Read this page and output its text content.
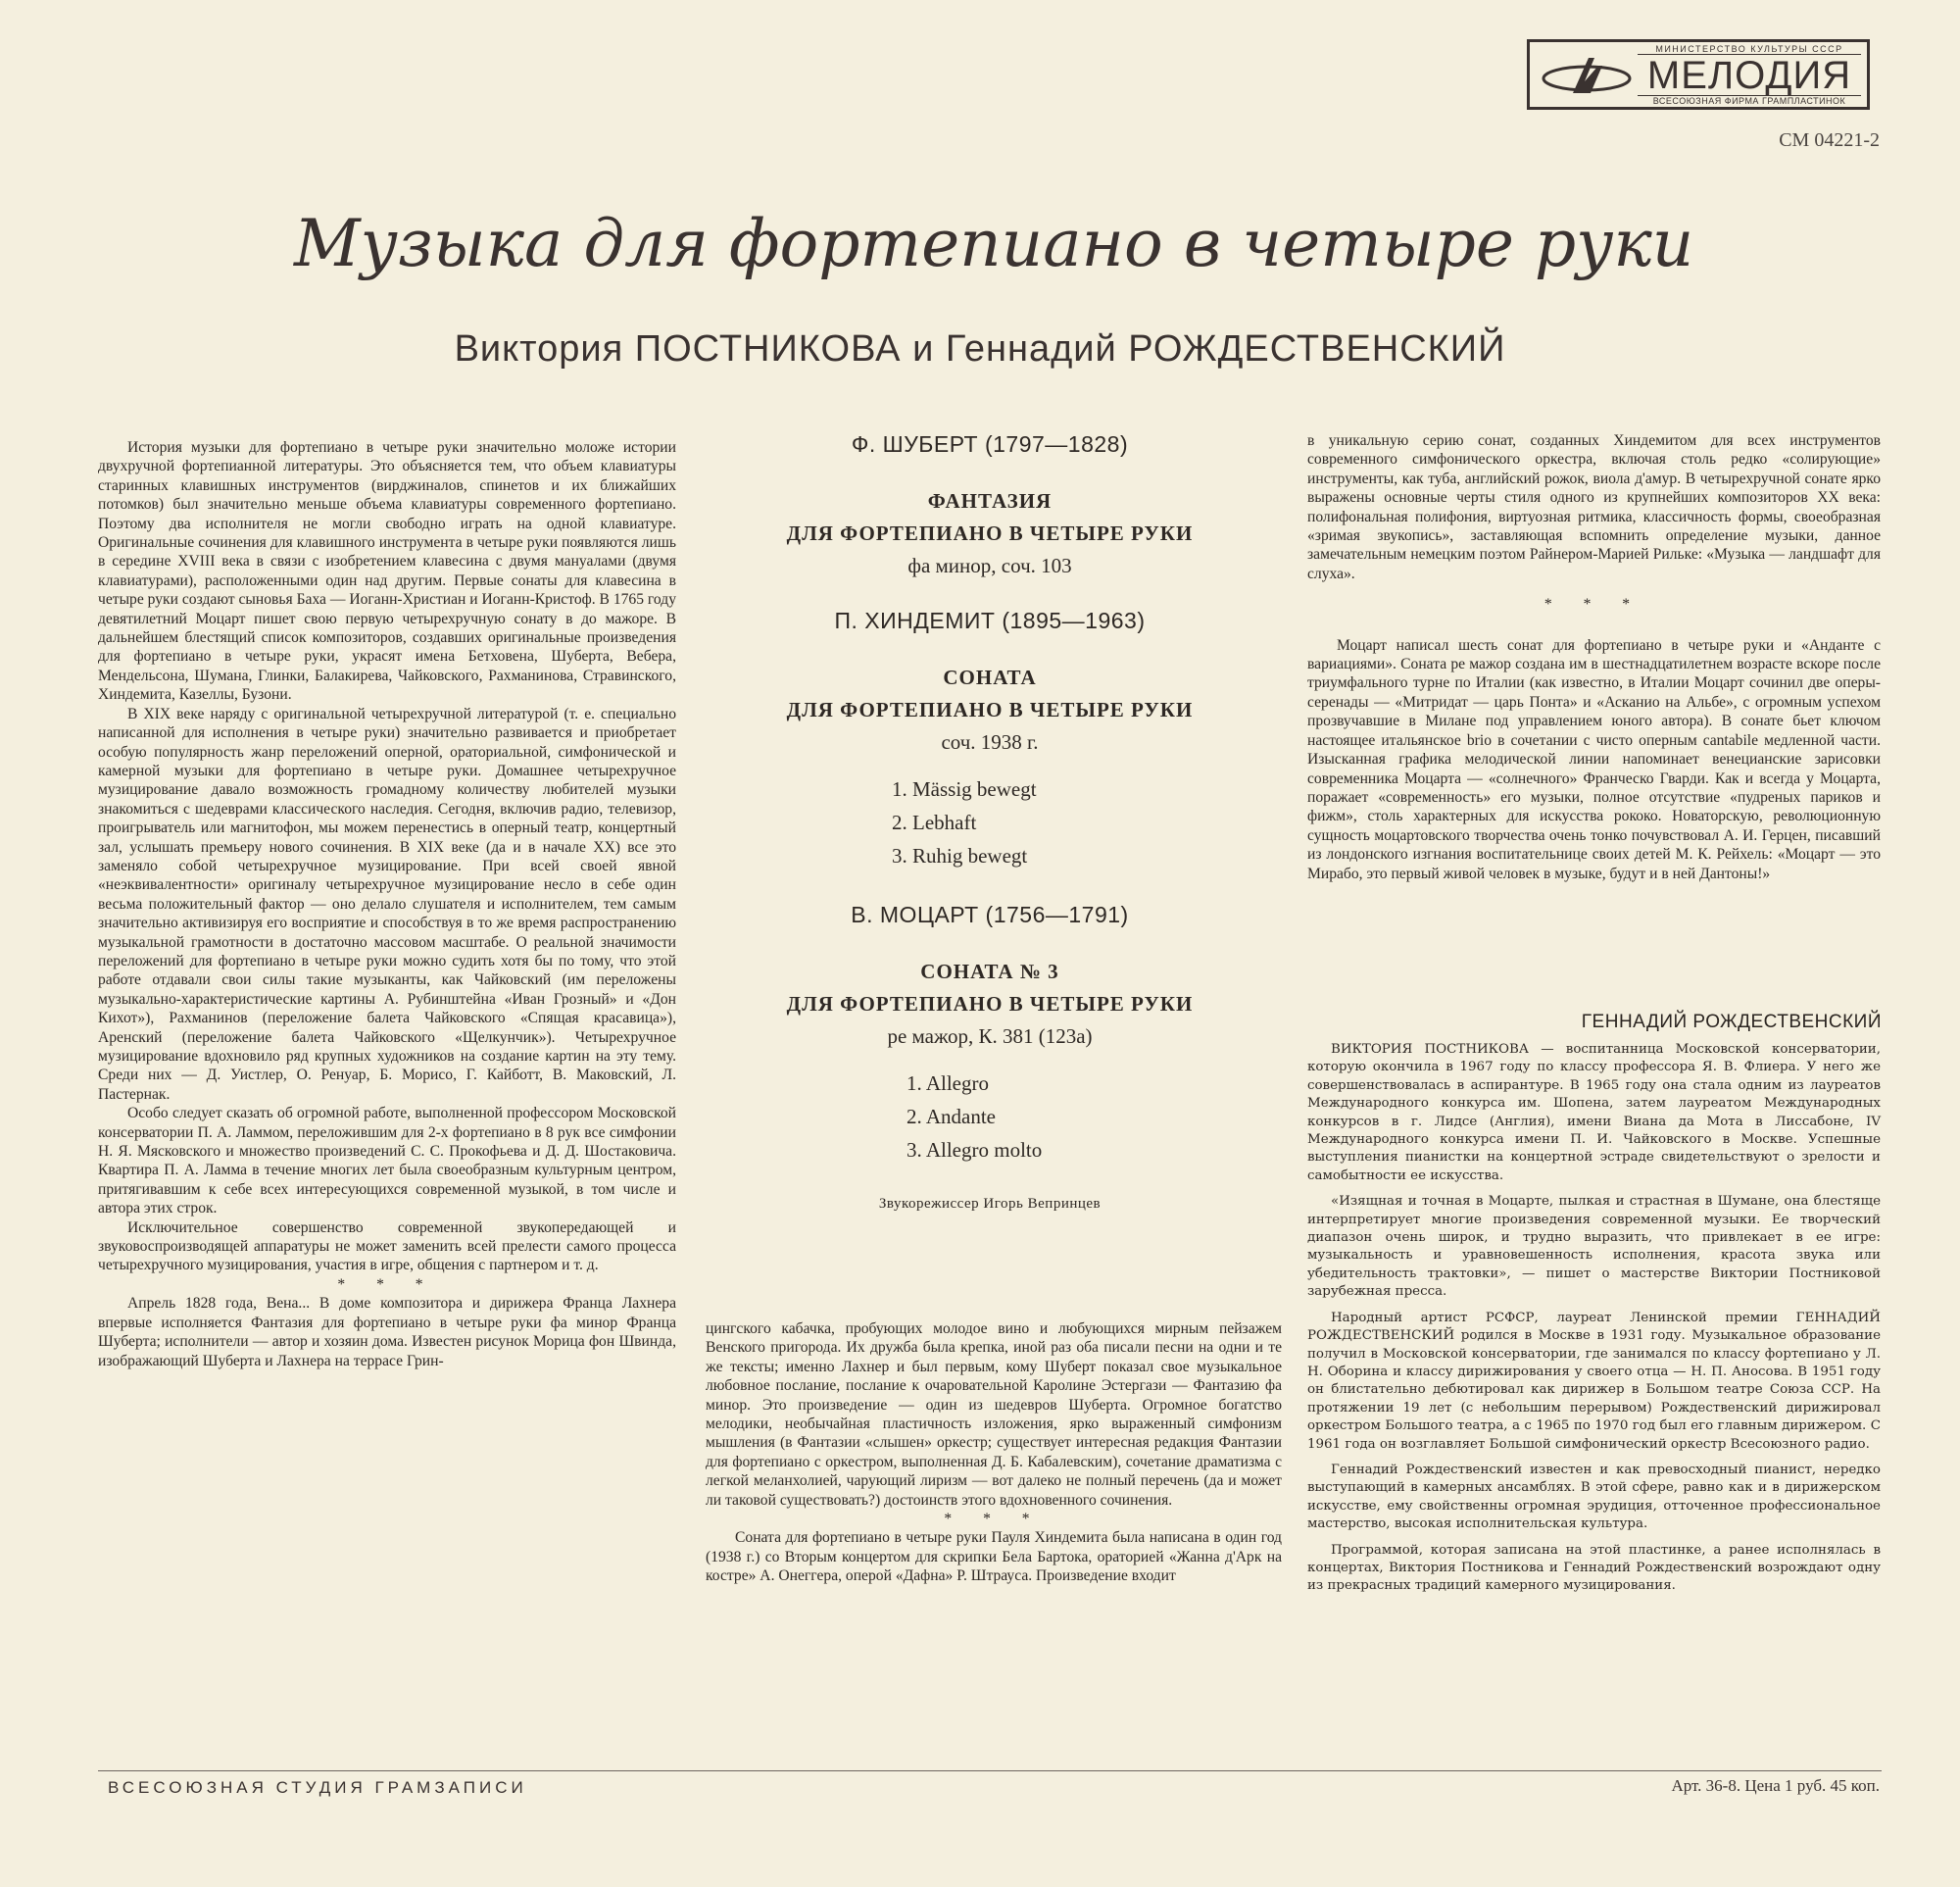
МИНИСТЕРСТВО КУЛЬТУРЫ СССР
МЕЛОДИЯ
ВСЕСОЮЗНАЯ ФИРМА ГРАМПЛАСТИНОК
СМ 04221-2
Музыка для фортепиано в четыре руки
Виктория ПОСТНИКОВА и Геннадий РОЖДЕСТВЕНСКИЙ

История музыки для фортепиано в четыре руки значительно моложе истории двухручной фортепианной литературы. Это объясняется тем, что объем клавиатуры старинных клавишных инструментов (вирджиналов, спинетов и их ближайших потомков) был значительно меньше объема клавиатуры современного фортепиано. Поэтому два исполнителя не могли свободно играть на одной клавиатуре. Оригинальные сочинения для клавишного инструмента в четыре руки появляются лишь в середине XVIII века в связи с изобретением клавесина с двумя мануалами (двумя клавиатурами), расположенными один над другим. Первые сонаты для клавесина в четыре руки создают сыновья Баха — Иоганн-Христиан и Иоганн-Кристоф. В 1765 году девятилетний Моцарт пишет свою первую четырехручную сонату в до мажоре. В дальнейшем блестящий список композиторов, создавших оригинальные произведения для фортепиано в четыре руки, украсят имена Бетховена, Шуберта, Вебера, Мендельсона, Шумана, Глинки, Балакирева, Чайковского, Рахманинова, Стравинского, Хиндемита, Казеллы, Бузони.

В XIX веке наряду с оригинальной четырехручной литературой (т. е. специально написанной для исполнения в четыре руки) значительно развивается и приобретает особую популярность жанр переложений оперной, ораториальной, симфонической и камерной музыки для фортепиано в четыре руки. Домашнее четырехручное музицирование давало возможность громадному количеству любителей музыки знакомиться с шедеврами классического наследия. Сегодня, включив радио, телевизор, проигрыватель или магнитофон, мы можем перенестись в оперный театр, концертный зал, услышать премьеру нового сочинения. В XIX веке (да и в начале XX) все это заменяло собой четырехручное музицирование. При всей своей явной «неэквивалентности» оригиналу четырехручное музицирование несло в себе один весьма положительный фактор — оно делало слушателя и исполнителем, тем самым значительно активизируя его восприятие и способствуя в то же время распространению музыкальной грамотности в достаточно массовом масштабе. О реальной значимости переложений для фортепиано в четыре руки можно судить хотя бы по тому, что этой работе отдавали свои силы такие музыканты, как Чайковский (им переложены музыкально-характеристические картины А. Рубинштейна «Иван Грозный» и «Дон Кихот»), Рахманинов (переложение балета Чайковского «Спящая красавица»), Аренский (переложение балета Чайковского «Щелкунчик»). Четырехручное музицирование вдохновило ряд крупных художников на создание картин на эту тему. Среди них — Д. Уистлер, О. Ренуар, Б. Морисо, Г. Кайботт, В. Маковский, Л. Пастернак.

Особо следует сказать об огромной работе, выполненной профессором Московской консерватории П. А. Ламмом, переложившим для 2-х фортепиано в 8 рук все симфонии Н. Я. Мясковского и множество произведений С. С. Прокофьева и Д. Д. Шостаковича. Квартира П. А. Ламма в течение многих лет была своеобразным культурным центром, притягивавшим к себе всех интересующихся современной музыкой, в том числе и автора этих строк.

Исключительное совершенство современной звукопередающей и звуковоспроизводящей аппаратуры не может заменить всей прелести самого процесса четырехручного музицирования, участия в игре, общения с партнером и т. д.

* * *

Апрель 1828 года, Вена... В доме композитора и дирижера Франца Лахнера впервые исполняется Фантазия для фортепиано в четыре руки фа минор Франца Шуберта; исполнители — автор и хозяин дома. Известен рисунок Морица фон Швинда, изображающий Шуберта и Лахнера на террасе Грин-

Ф. ШУБЕРТ (1797—1828)
ФАНТАЗИЯ
ДЛЯ ФОРТЕПИАНО В ЧЕТЫРЕ РУКИ
фа минор, соч. 103
П. ХИНДЕМИТ (1895—1963)
СОНАТА
ДЛЯ ФОРТЕПИАНО В ЧЕТЫРЕ РУКИ
соч. 1938 г.
1. Mässig bewegt
2. Lebhaft
3. Ruhig bewegt
В. МОЦАРТ (1756—1791)
СОНАТА № 3
ДЛЯ ФОРТЕПИАНО В ЧЕТЫРЕ РУКИ
ре мажор, К. 381 (123а)
1. Allegro
2. Andante
3. Allegro molto
Звукорежиссер Игорь Вепринцев

цингского кабачка, пробующих молодое вино и любующихся мирным пейзажем Венского пригорода. Их дружба была крепка, иной раз оба писали песни на одни и те же тексты; именно Лахнер и был первым, кому Шуберт показал свое музыкальное любовное послание, послание к очаровательной Каролине Эстергази — Фантазию фа минор. Это произведение — один из шедевров Шуберта. Огромное богатство мелодики, необычайная пластичность изложения, ярко выраженный симфонизм мышления (в Фантазии «слышен» оркестр; существует интересная редакция Фантазии для фортепиано с оркестром, выполненная Д. Б. Кабалевским), сочетание драматизма с легкой меланхолией, чарующий лиризм — вот далеко не полный перечень (да и может ли таковой существовать?) достоинств этого вдохновенного сочинения.

* * *

Соната для фортепиано в четыре руки Пауля Хиндемита была написана в один год (1938 г.) со Вторым концертом для скрипки Бела Бартока, ораторией «Жанна д'Арк на костре» А. Онеггера, оперой «Дафна» Р. Штрауса. Произведение входит

в уникальную серию сонат, созданных Хиндемитом для всех инструментов современного симфонического оркестра, включая столь редко «солирующие» инструменты, как туба, английский рожок, виола д'амур. В четырехручной сонате ярко выражены основные черты стиля одного из крупнейших композиторов XX века: полифональная полифония, виртуозная ритмика, классичность формы, своеобразная «зримая звукопись», заставляющая вспомнить определение музыки, данное замечательным немецким поэтом Райнером-Марией Рильке: «Музыка — ландшафт для слуха».

* * *

Моцарт написал шесть сонат для фортепиано в четыре руки и «Анданте с вариациями». Соната ре мажор создана им в шестнадцатилетнем возрасте вскоре после триумфального турне по Италии (как известно, в Италии Моцарт сочинил две оперы-серенады — «Митридат — царь Понта» и «Асканио на Альбе», с огромным успехом прозвучавшие в Милане под управлением юного автора). В сонате бьет ключом настоящее итальянское brio в сочетании с чисто оперным cantabile медленной части. Изысканная графика мелодической линии напоминает венецианские зарисовки современника Моцарта — «солнечного» Франческо Гварди. Как и всегда у Моцарта, поражает «современность» его музыки, полное отсутствие «пудреных париков и фижм», столь характерных для искусства рококо. Новаторскую, революционную сущность моцартовского творчества очень тонко почувствовал А. И. Герцен, писавший из лондонского изгнания воспитательнице своих детей М. К. Рейхель: «Моцарт — это Мирабо, это первый живой человек в музыке, будут и в ней Дантоны!»

ГЕННАДИЙ РОЖДЕСТВЕНСКИЙ

ВИКТОРИЯ ПОСТНИКОВА — воспитанница Московской консерватории, которую окончила в 1967 году по классу профессора Я. В. Флиера. У него же совершенствовалась в аспирантуре. В 1965 году она стала одним из лауреатов Международного конкурса им. Шопена, затем лауреатом Международных конкурсов в г. Лидсе (Англия), имени Виана да Мота в Лиссабоне, IV Международного конкурса имени П. И. Чайковского в Москве. Успешные выступления пианистки на концертной эстраде свидетельствуют о зрелости и самобытности ее искусства.

«Изящная и точная в Моцарте, пылкая и страстная в Шумане, она блестяще интерпретирует многие произведения современной музыки. Ее творческий диапазон очень широк, и трудно выразить, что привлекает в ее игре: музыкальность и уравновешенность исполнения, красота звука или убедительность трактовки», — пишет о мастерстве Виктории Постниковой зарубежная пресса.

Народный артист РСФСР, лауреат Ленинской премии ГЕННАДИЙ РОЖДЕСТВЕНСКИЙ родился в Москве в 1931 году. Музыкальное образование получил в Московской консерватории, где занимался по классу фортепиано у Л. Н. Оборина и классу дирижирования у своего отца — Н. П. Аносова. В 1951 году он блистательно дебютировал как дирижер в Большом театре Союза ССР. На протяжении 19 лет (с небольшим перерывом) Рождественский дирижировал оркестром Большого театра, а с 1965 по 1970 год был его главным дирижером. С 1961 года он возглавляет Большой симфонический оркестр Всесоюзного радио.

Геннадий Рождественский известен и как превосходный пианист, нередко выступающий в камерных ансамблях. В этой сфере, равно как и в дирижерском искусстве, ему свойственны огромная эрудиция, отточенное профессиональное мастерство, высокая исполнительская культура.

Программой, которая записана на этой пластинке, а ранее исполнялась в концертах, Виктория Постникова и Геннадий Рождественский возрождают одну из прекрасных традиций камерного музицирования.

ВСЕСОЮЗНАЯ СТУДИЯ ГРАМЗАПИСИ	Арт. 36-8. Цена 1 руб. 45 коп.
